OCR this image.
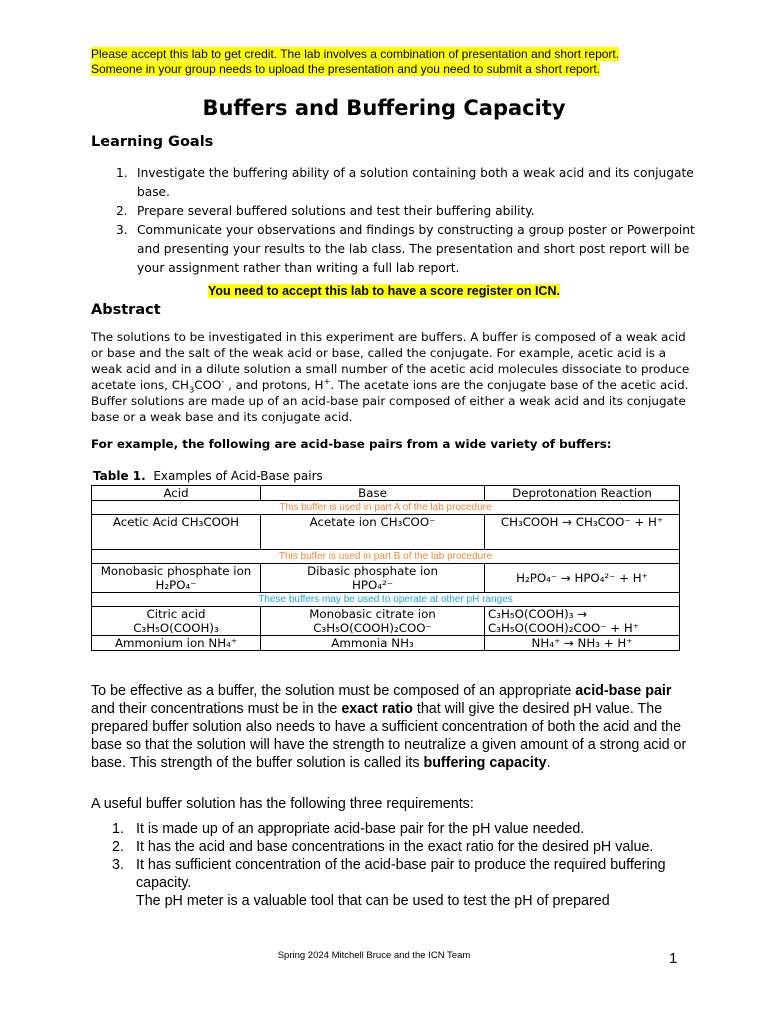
Please accept this lab to get credit. The lab involves a combination of presentation and short report.
Someone in your group needs to upload the presentation and you need to submit a short report.
Buffers and Buffering Capacity
Learning Goals
1. Investigate the buffering ability of a solution containing both a weak acid and its conjugate base.
2. Prepare several buffered solutions and test their buffering ability.
3. Communicate your observations and findings by constructing a group poster or Powerpoint and presenting your results to the lab class. The presentation and short post report will be your assignment rather than writing a full lab report.
You need to accept this lab to have a score register on ICN.
Abstract
The solutions to be investigated in this experiment are buffers. A buffer is composed of a weak acid or base and the salt of the weak acid or base, called the conjugate. For example, acetic acid is a weak acid and in a dilute solution a small number of the acetic acid molecules dissociate to produce acetate ions, $CH_3COO^-$ , and protons, H+. The acetate ions are the conjugate base of the acetic acid. Buffer solutions are made up of an acid-base pair composed of either a weak acid and its conjugate base or a weak base and its conjugate acid.
For example, the following are acid-base pairs from a wide variety of buffers:
Table 1. Examples of Acid-Base pairs
Acid	Base	Deprotonation Reaction
This buffer is used in part A of the lab procedure		
Acetic Acid CH₃COOH	Acetate ion CH₃COO⁻	CH₃COOH → CH₃COO⁻ + H⁺
This buffer is used in part B of the lab procedure		
Monobasic phosphate ion
H₂PO₄⁻	Dibasic phosphate ion
HPO₄²⁻	H₂PO₄⁻ → HPO₄²⁻ + H⁺
These buffers may be used to operate at other pH ranges		
Citric acid
C₃H₅O(COOH)₃	Monobasic citrate ion
C₃H₅O(COOH)₂COO⁻	C₃H₅O(COOH)₃ →
C₃H₅O(COOH)₂COO⁻ + H⁺
Ammonium ion NH₄⁺	Ammonia NH₃	NH₄⁺ → NH₃ + H⁺
To be effective as a buffer, the solution must be composed of an appropriate acid-base pair and their concentrations must be in the exact ratio that will give the desired pH value. The prepared buffer solution also needs to have a sufficient concentration of both the acid and the base so that the solution will have the strength to neutralize a given amount of a strong acid or base. This strength of the buffer solution is called its buffering capacity.
A useful buffer solution has the following three requirements:
1. It is made up of an appropriate acid-base pair for the pH value needed.
2. It has the acid and base concentrations in the exact ratio for the desired pH value.
3. It has sufficient concentration of the acid-base pair to produce the required buffering capacity.
The pH meter is a valuable tool that can be used to test the pH of prepared
Spring 2024 Mitchell Bruce and the ICN Team	1
